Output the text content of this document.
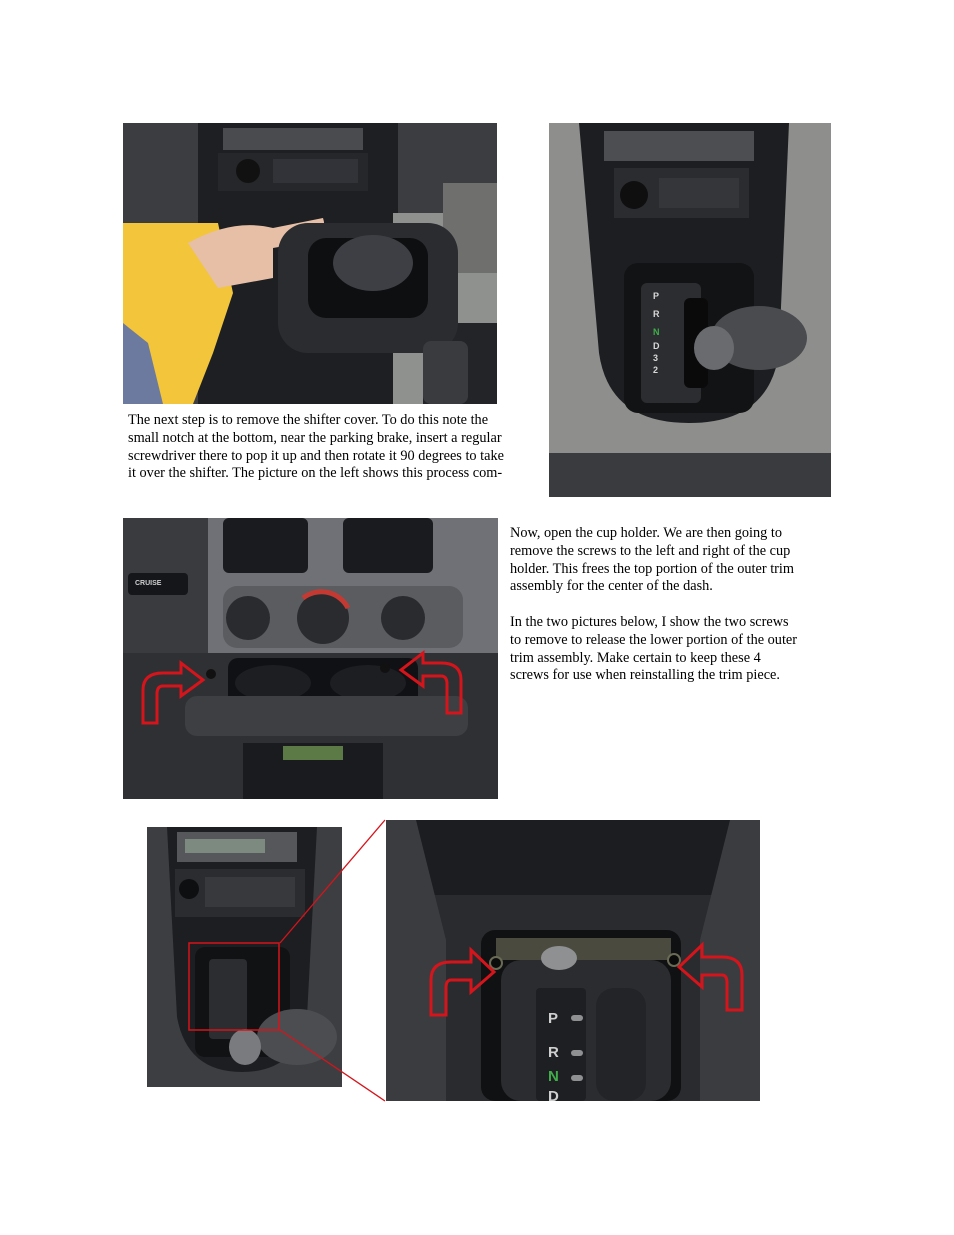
P
R
N
D
3
2
The next step is to remove the shifter cover. To do this note the
small notch at the bottom, near the parking brake, insert a regular
screwdriver there to pop it up and then rotate it 90 degrees to take
it over the shifter. The picture on the left shows this process com-
CRUISE
Now, open the cup holder. We are then going to
remove the screws to the left and right of the cup
holder. This frees the top portion of the outer trim
assembly for the center of the dash.
In the two pictures below, I show the two screws
to remove to release the lower portion of the outer
trim assembly. Make certain to keep these 4
screws for use when reinstalling the trim piece.
P
R
N
D
